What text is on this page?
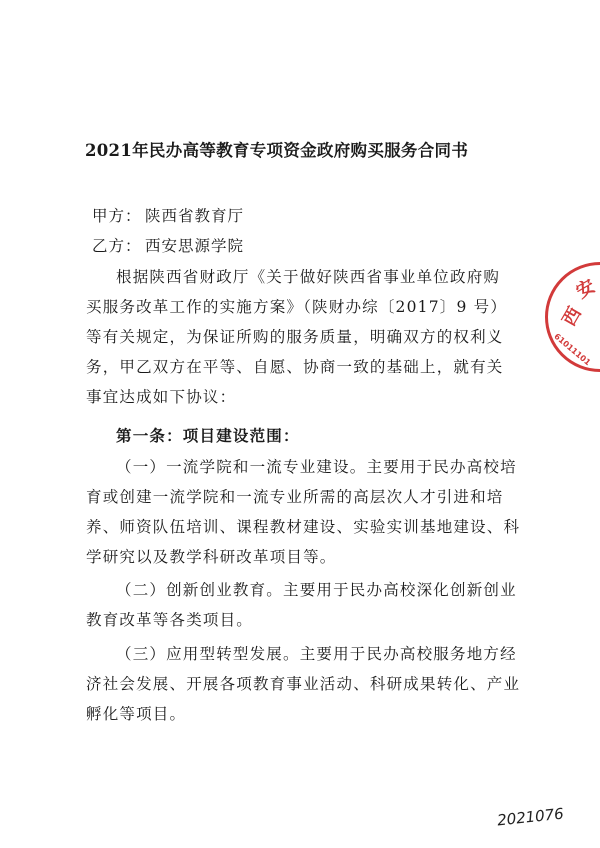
2021年民办高等教育专项资金政府购买服务合同书
甲方： 陕西省教育厅
乙方： 西安思源学院
根据陕西省财政厅《关于做好陕西省事业单位政府购
买服务改革工作的实施方案》（陕财办综〔2017〕9 号）
等有关规定，为保证所购的服务质量，明确双方的权利义
务，甲乙双方在平等、自愿、协商一致的基础上，就有关
事宜达成如下协议：
第一条：项目建设范围：
（一）一流学院和一流专业建设。主要用于民办高校培
育或创建一流学院和一流专业所需的高层次人才引进和培
养、师资队伍培训、课程教材建设、实验实训基地建设、科
学研究以及教学科研改革项目等。
（二）创新创业教育。主要用于民办高校深化创新创业
教育改革等各类项目。
（三）应用型转型发展。主要用于民办高校服务地方经
济社会发展、开展各项教育事业活动、科研成果转化、产业
孵化等项目。
西
安
61011101
2021076
